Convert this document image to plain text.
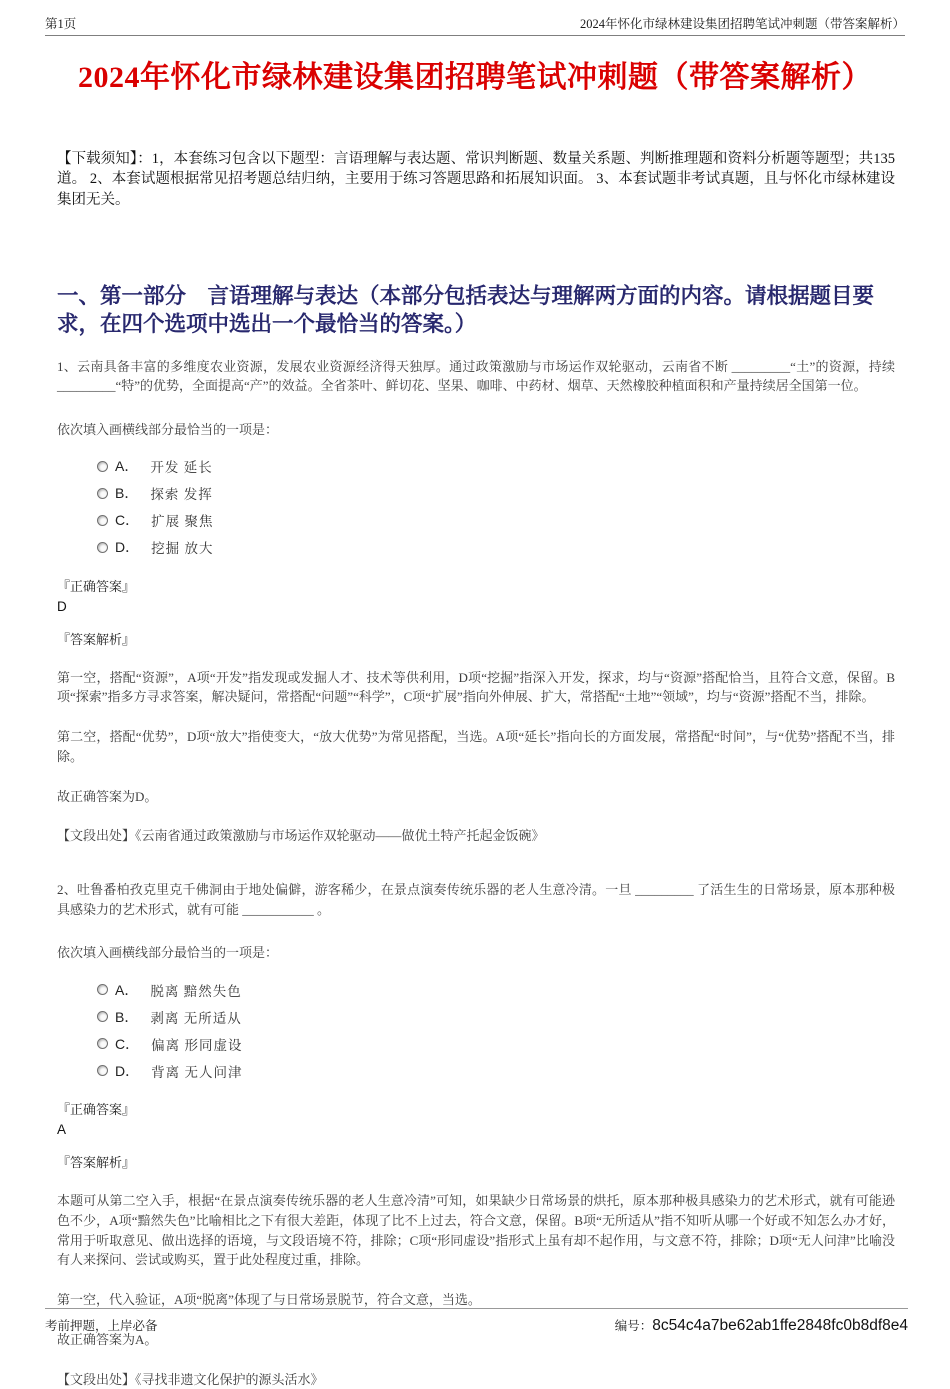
第1页	2024年怀化市绿林建设集团招聘笔试冲刺题（带答案解析）
2024年怀化市绿林建设集团招聘笔试冲刺题（带答案解析）

【下载须知】：1，本套练习包含以下题型：言语理解与表达题、常识判断题、数量关系题、判断推理题和资料分析题等题型；共135道。 2、本套试题根据常见招考题总结归纳，主要用于练习答题思路和拓展知识面。 3、本套试题非考试真题，且与怀化市绿林建设集团无关。

一、第一部分　言语理解与表达（本部分包括表达与理解两方面的内容。请根据题目要求，在四个选项中选出一个最恰当的答案。）

1、云南具备丰富的多维度农业资源，发展农业资源经济得天独厚。通过政策激励与市场运作双轮驱动，云南省不断 _________“土”的资源，持续 _________“特”的优势，全面提高“产”的效益。全省茶叶、鲜切花、坚果、咖啡、中药材、烟草、天然橡胶种植面积和产量持续居全国第一位。

依次填入画横线部分最恰当的一项是：

A． 开发 延长
B． 探索 发挥
C． 扩展 聚焦
D． 挖掘 放大

『正确答案』

D

『答案解析』

第一空，搭配“资源”，A项“开发”指发现或发掘人才、技术等供利用，D项“挖掘”指深入开发，探求，均与“资源”搭配恰当，且符合文意，保留。B项“探索”指多方寻求答案，解决疑问，常搭配“问题”“科学”，C项“扩展”指向外伸展、扩大，常搭配“土地”“领域”，均与“资源”搭配不当，排除。

第二空，搭配“优势”，D项“放大”指使变大，“放大优势”为常见搭配，当选。A项“延长”指向长的方面发展，常搭配“时间”，与“优势”搭配不当，排除。

故正确答案为D。

【文段出处】《云南省通过政策激励与市场运作双轮驱动——做优土特产托起金饭碗》

2、吐鲁番柏孜克里克千佛洞由于地处偏僻，游客稀少，在景点演奏传统乐器的老人生意冷清。一旦 _________ 了活生生的日常场景，原本那种极具感染力的艺术形式，就有可能 ___________ 。

依次填入画横线部分最恰当的一项是：

A． 脱离 黯然失色
B． 剥离 无所适从
C． 偏离 形同虚设
D． 背离 无人问津

『正确答案』

A

『答案解析』

本题可从第二空入手，根据“在景点演奏传统乐器的老人生意冷清”可知，如果缺少日常场景的烘托，原本那种极具感染力的艺术形式，就有可能逊色不少，A项“黯然失色”比喻相比之下有很大差距，体现了比不上过去，符合文意，保留。B项“无所适从”指不知听从哪一个好或不知怎么办才好，常用于听取意见、做出选择的语境，与文段语境不符，排除；C项“形同虚设”指形式上虽有却不起作用，与文意不符，排除；D项“无人问津”比喻没有人来探问、尝试或购买，置于此处程度过重，排除。

第一空，代入验证，A项“脱离”体现了与日常场景脱节，符合文意，当选。

故正确答案为A。

【文段出处】《寻找非遗文化保护的源头活水》

考前押题，上岸必备	编号：8c54c4a7be62ab1ffe2848fc0b8df8e4
